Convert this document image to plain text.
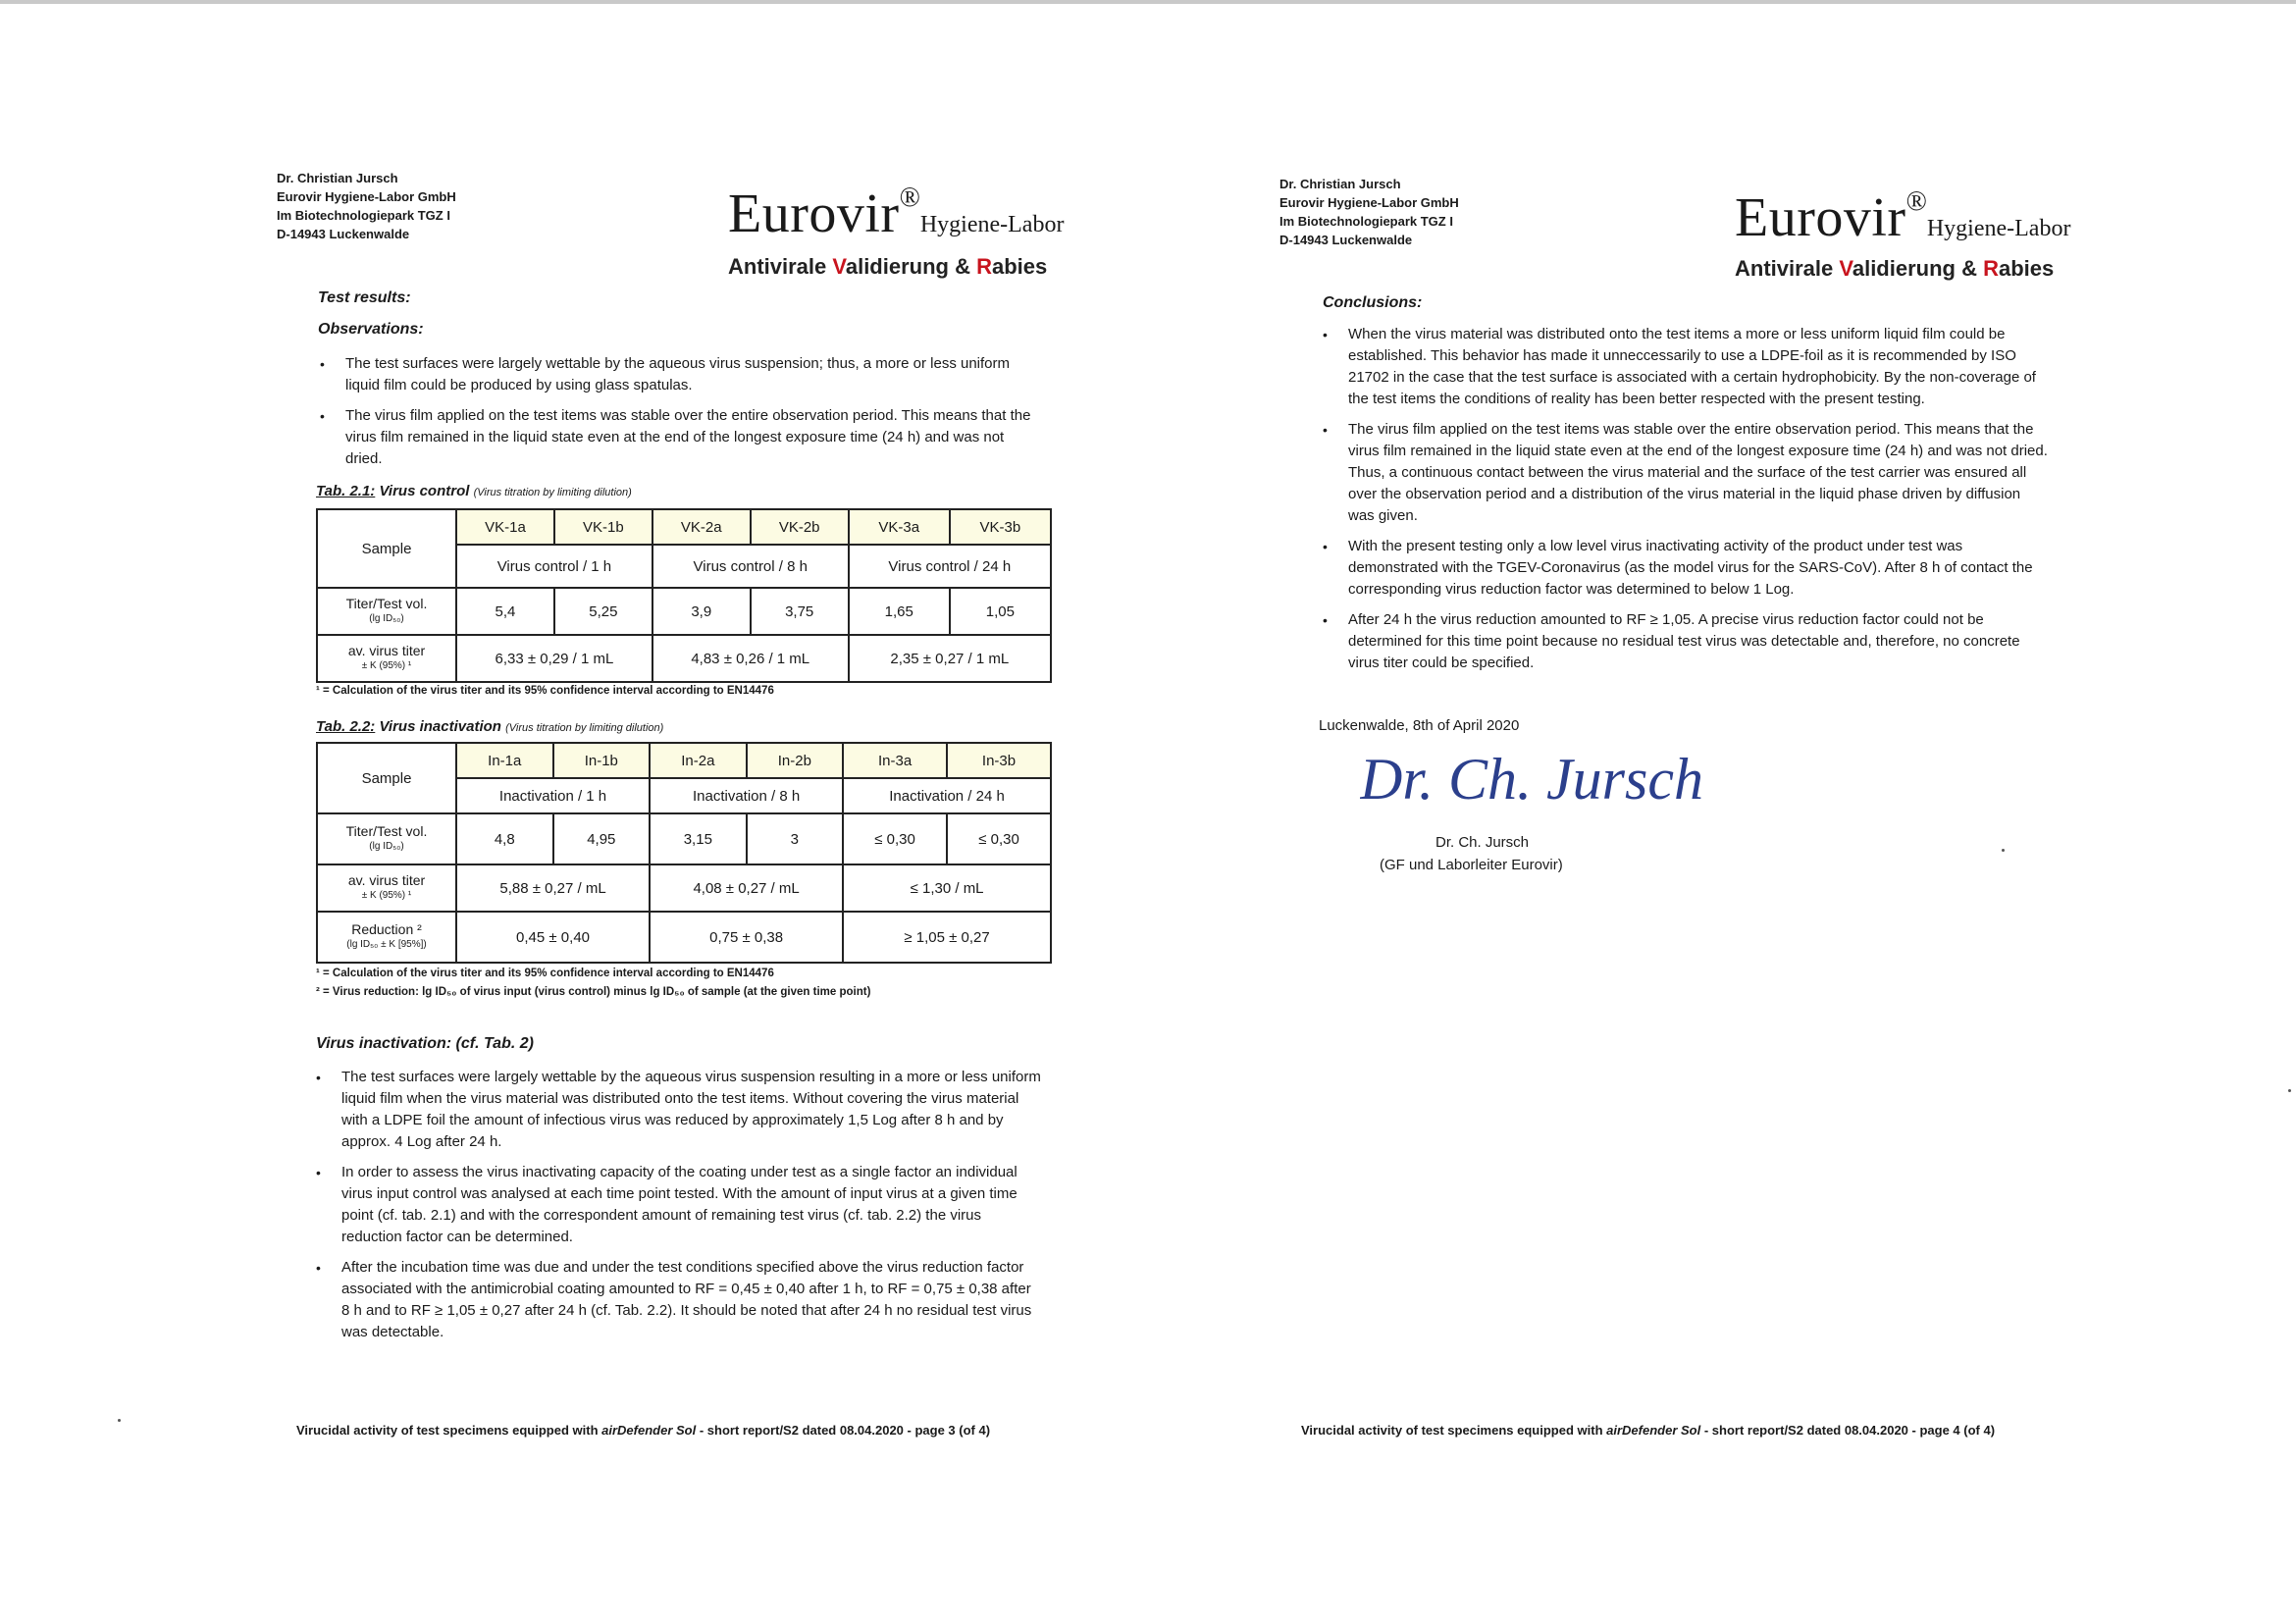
Dr. Christian Jursch
Eurovir Hygiene-Labor GmbH
Im Biotechnologiepark TGZ I
D-14943 Luckenwalde	Eurovir®Hygiene-Labor
Antivirale Validierung & Rabies
Test results:
Observations:
• The test surfaces were largely wettable by the aqueous virus suspension; thus, a more or less uniform liquid film could be produced by using glass spatulas.
• The virus film applied on the test items was stable over the entire observation period. This means that the virus film remained in the liquid state even at the end of the longest exposure time (24 h) and was not dried.
Tab. 2.1: Virus control (Virus titration by limiting dilution)
Sample	VK-1a	VK-1b	VK-2a	VK-2b	VK-3a	VK-3b
	Virus control / 1 h		Virus control / 8 h		Virus control / 24 h	

Titer/Test vol.
(lg ID₅₀)	5,4	5,25	3,9	3,75	1,65	1,05

av. virus titer
± K (95%) ¹	6,33 ± 0,29 / 1 mL		4,83 ± 0,26 / 1 mL		2,35 ± 0,27 / 1 mL	
¹ = Calculation of the virus titer and its 95% confidence interval according to EN14476
Tab. 2.2: Virus inactivation (Virus titration by limiting dilution)
Sample	In-1a	In-1b	In-2a	In-2b	In-3a	In-3b
	Inactivation / 1 h		Inactivation / 8 h		Inactivation / 24 h	

Titer/Test vol.
(lg ID₅₀)	4,8	4,95	3,15	3	≤ 0,30	≤ 0,30

av. virus titer
± K (95%) ¹	5,88 ± 0,27 / mL		4,08 ± 0,27 / mL		≤ 1,30 / mL	

Reduction ²
(lg ID₅₀ ± K [95%])	0,45 ± 0,40		0,75 ± 0,38		≥ 1,05 ± 0,27	
¹ = Calculation of the virus titer and its 95% confidence interval according to EN14476
² = Virus reduction: lg ID₅₀ of virus input (virus control) minus lg ID₅₀ of sample (at the given time point)
Virus inactivation: (cf. Tab. 2)
• The test surfaces were largely wettable by the aqueous virus suspension resulting in a more or less uniform liquid film when the virus material was distributed onto the test items. Without covering the virus material with a LDPE foil the amount of infectious virus was reduced by approximately 1,5 Log after 8 h and by approx. 4 Log after 24 h.
• In order to assess the virus inactivating capacity of the coating under test as a single factor an individual virus input control was analysed at each time point tested. With the amount of input virus at a given time point (cf. tab. 2.1) and with the correspondent amount of remaining test virus (cf. tab. 2.2) the virus reduction factor can be determined.
• After the incubation time was due and under the test conditions specified above the virus reduction factor associated with the antimicrobial coating amounted to RF = 0,45 ± 0,40 after 1 h, to RF = 0,75 ± 0,38 after 8 h and to RF ≥ 1,05 ± 0,27 after 24 h (cf. Tab. 2.2). It should be noted that after 24 h no residual test virus was detectable.
Virucidal activity of test specimens equipped with airDefender Sol - short report/S2 dated 08.04.2020 - page 3 (of 4)
Dr. Christian Jursch
Eurovir Hygiene-Labor GmbH
Im Biotechnologiepark TGZ I
D-14943 Luckenwalde	Eurovir®Hygiene-Labor
Antivirale Validierung & Rabies
Conclusions:
• When the virus material was distributed onto the test items a more or less uniform liquid film could be established. This behavior has made it unneccessarily to use a LDPE-foil as it is recommended by ISO 21702 in the case that the test surface is associated with a certain hydrophobicity. By the non-coverage of the test items the conditions of reality has been better respected with the present testing.
• The virus film applied on the test items was stable over the entire observation period. This means that the virus film remained in the liquid state even at the end of the longest exposure time (24 h) and was not dried. Thus, a continuous contact between the virus material and the surface of the test carrier was ensured all over the observation period and a distribution of the virus material in the liquid phase driven by diffusion was given.
• With the present testing only a low level virus inactivating activity of the product under test was demonstrated with the TGEV-Coronavirus (as the model virus for the SARS-CoV). After 8 h of contact the corresponding virus reduction factor was determined to below 1 Log.
• After 24 h the virus reduction amounted to RF ≥ 1,05. A precise virus reduction factor could not be determined for this time point because no residual test virus was detectable and, therefore, no concrete virus titer could be specified.
Luckenwalde, 8th of April 2020
Dr. Ch. Jursch
Dr. Ch. Jursch
(GF und Laborleiter Eurovir)
Virucidal activity of test specimens equipped with airDefender Sol - short report/S2 dated 08.04.2020 - page 4 (of 4)
